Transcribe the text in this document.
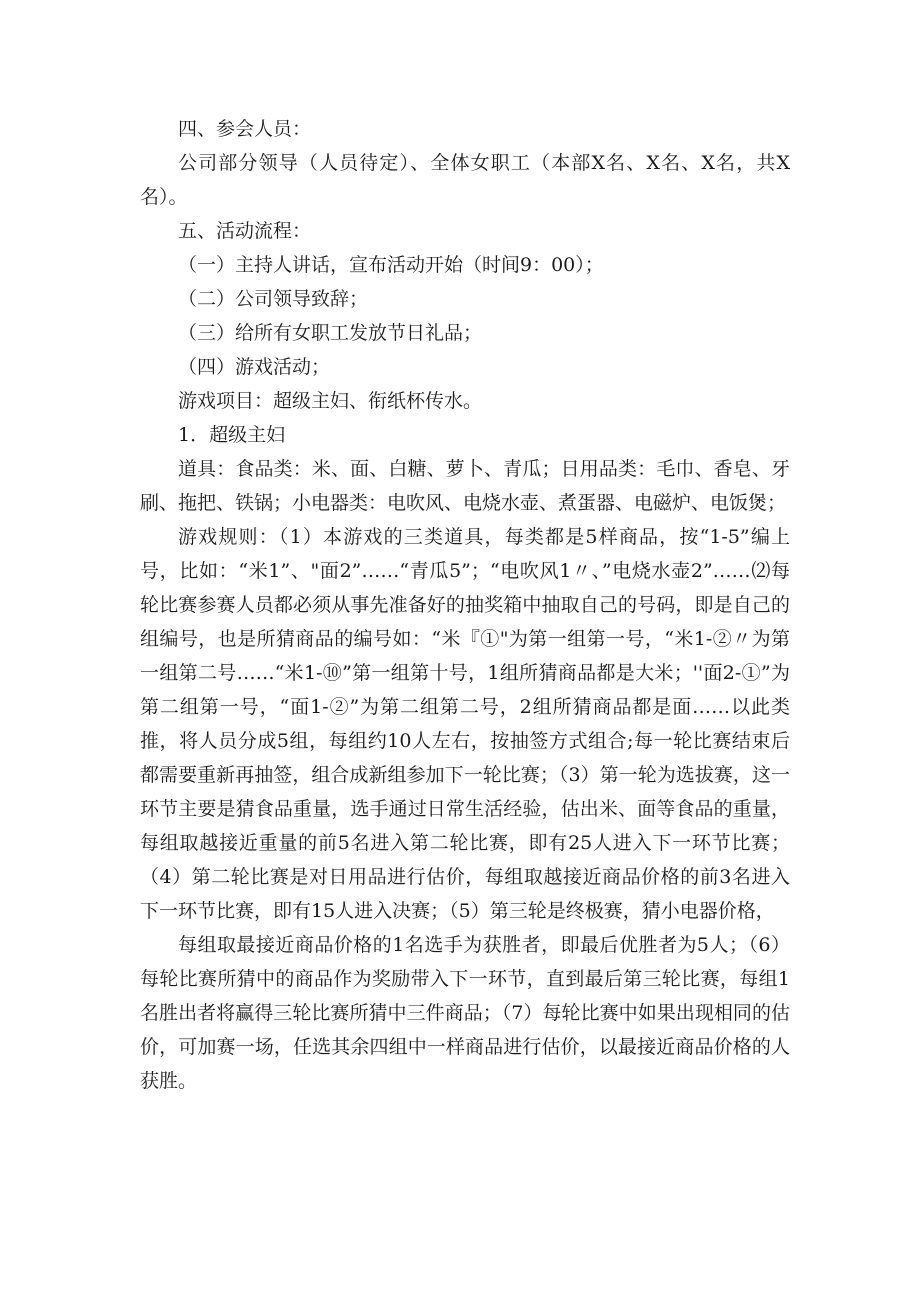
四、参会人员：

公司部分领导（人员待定）、全体女职工（本部X名、X名、X名，共X名）。

五、活动流程：

（一）主持人讲话，宣布活动开始（时间9：00）；

（二）公司领导致辞；

（三）给所有女职工发放节日礼品；

（四）游戏活动；

游戏项目：超级主妇、衔纸杯传水。

1．超级主妇

道具：食品类：米、面、白糖、萝卜、青瓜；日用品类：毛巾、香皂、牙刷、拖把、铁锅；小电器类：电吹风、电烧水壶、煮蛋器、电磁炉、电饭煲；

游戏规则：（1）本游戏的三类道具，每类都是5样商品，按“1-5”编上号，比如：“米1”、"面2”……“青瓜5”；“电吹风1〃、”电烧水壶2”……⑵每轮比赛参赛人员都必须从事先准备好的抽奖箱中抽取自己的号码，即是自己的组编号，也是所猜商品的编号如：“米『①"为第一组第一号，“米1-②〃为第一组第二号……“米1-⑩”第一组第十号，1组所猜商品都是大米；''面2-①”为第二组第一号，“面1-②”为第二组第二号，2组所猜商品都是面……以此类推，将人员分成5组，每组约10人左右，按抽签方式组合;每一轮比赛结束后都需要重新再抽签，组合成新组参加下一轮比赛；（3）第一轮为选拔赛，这一环节主要是猜食品重量，选手通过日常生活经验，估出米、面等食品的重量，每组取越接近重量的前5名进入第二轮比赛，即有25人进入下一环节比赛；（4）第二轮比赛是对日用品进行估价，每组取越接近商品价格的前3名进入下一环节比赛，即有15人进入决赛；（5）第三轮是终极赛，猜小电器价格，

每组取最接近商品价格的1名选手为获胜者，即最后优胜者为5人；（6）每轮比赛所猜中的商品作为奖励带入下一环节，直到最后第三轮比赛，每组1名胜出者将赢得三轮比赛所猜中三件商品；（7）每轮比赛中如果出现相同的估价，可加赛一场，任选其余四组中一样商品进行估价，以最接近商品价格的人获胜。
